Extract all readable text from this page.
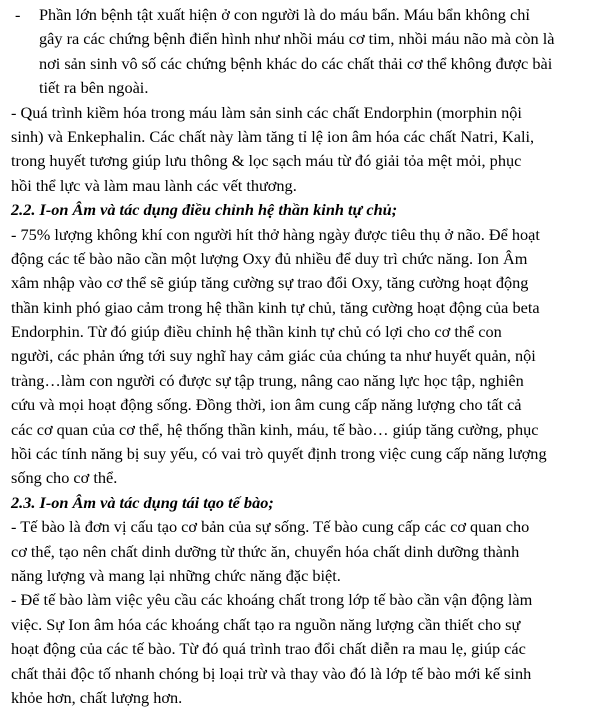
-	Phần lớn bệnh tật xuất hiện ở con người là do máu bẩn. Máu bẩn không chỉ
gây ra các chứng bệnh điển hình như nhồi máu cơ tim, nhồi máu não mà còn là
nơi sản sinh vô số các chứng bệnh khác do các chất thải cơ thể không được bài
tiết ra bên ngoài.
- Quá trình kiềm hóa trong máu làm sản sinh các chất Endorphin (morphin nội
sinh) và Enkephalin. Các chất này làm tăng tỉ lệ ion âm hóa các chất Natri, Kali,
trong huyết tương giúp lưu thông & lọc sạch máu từ đó giải tỏa mệt mỏi, phục
hồi thể lực và làm mau lành các vết thương.
2.2. I-on Âm và tác dụng điều chỉnh hệ thần kinh tự chủ;
- 75% lượng không khí con người hít thở hàng ngày được tiêu thụ ở não. Để hoạt
động các tế bào não cần một lượng Oxy đủ nhiều để duy trì chức năng. Ion Âm
xâm nhập vào cơ thể sẽ giúp tăng cường sự trao đổi Oxy, tăng cường hoạt động
thần kinh phó giao cảm trong hệ thần kinh tự chủ, tăng cường hoạt động của beta
Endorphin. Từ đó giúp điều chỉnh hệ thần kinh tự chủ có lợi cho cơ thể con
người, các phản ứng tới suy nghĩ hay cảm giác của chúng ta như huyết quản, nội
tràng…làm con người có được sự tập trung, nâng cao năng lực học tập, nghiên
cứu và mọi hoạt động sống. Đồng thời, ion âm cung cấp năng lượng cho tất cả
các cơ quan của cơ thể, hệ thống thần kinh, máu, tế bào… giúp tăng cường, phục
hồi các tính năng bị suy yếu, có vai trò quyết định trong việc cung cấp năng lượng
sống cho cơ thể.
2.3. I-on Âm và tác dụng tái tạo tế bào;
- Tế bào là đơn vị cấu tạo cơ bản của sự sống. Tế bào cung cấp các cơ quan cho
cơ thể, tạo nên chất dinh dưỡng từ thức ăn, chuyển hóa chất dinh dưỡng thành
năng lượng và mang lại những chức năng đặc biệt.
- Để tế bào làm việc yêu cầu các khoáng chất trong lớp tế bào cần vận động làm
việc. Sự Ion âm hóa các khoáng chất tạo ra nguồn năng lượng cần thiết cho sự
hoạt động của các tế bào. Từ đó quá trình trao đổi chất diễn ra mau lẹ, giúp các
chất thải độc tố nhanh chóng bị loại trừ và thay vào đó là lớp tế bào mới kế sinh
khỏe hơn, chất lượng hơn.
